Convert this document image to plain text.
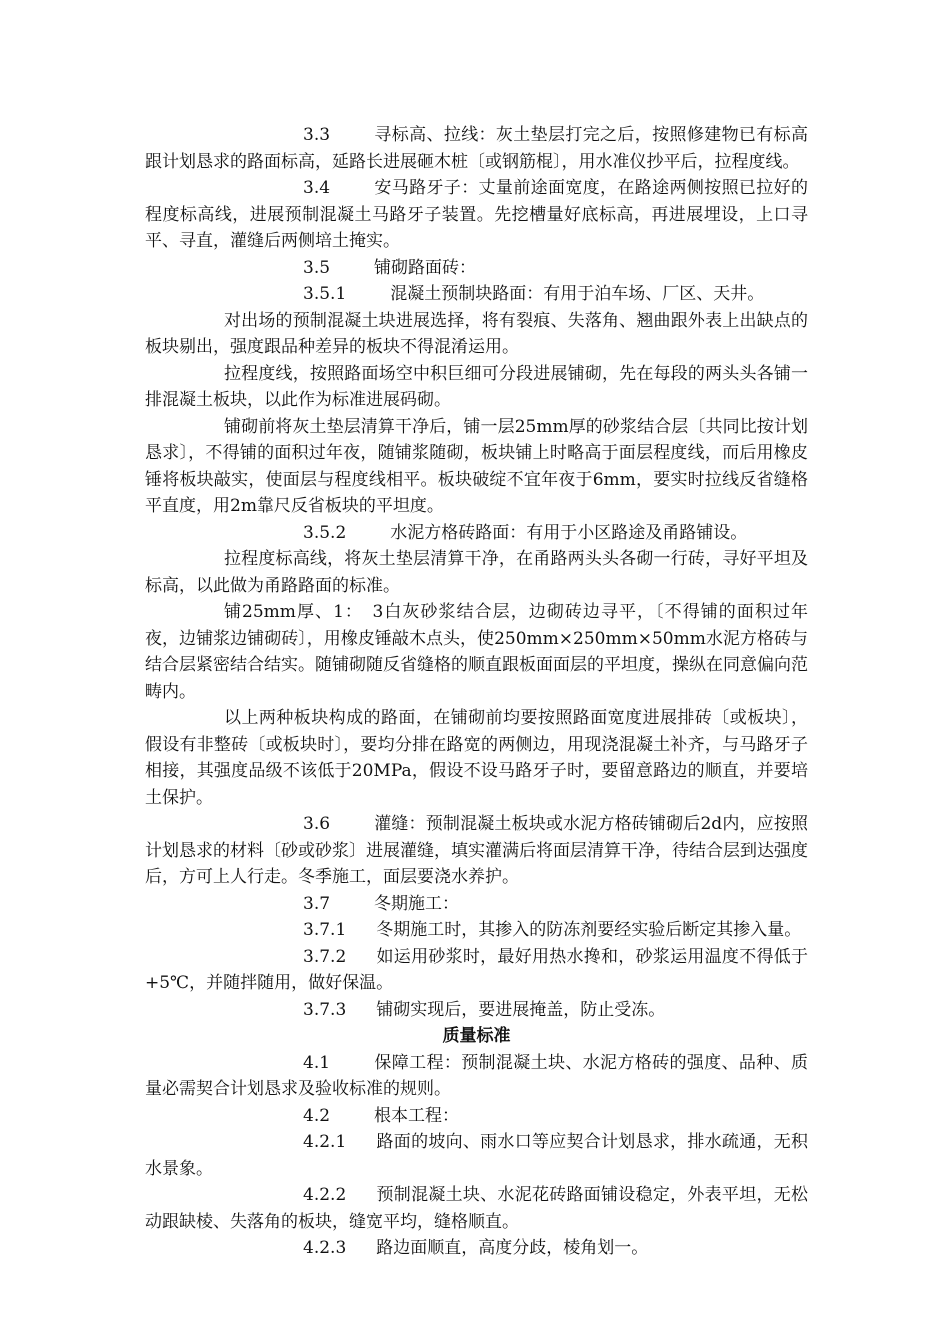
3.3	寻标高、拉线：灰土垫层打完之后，按照修建物已有标高跟计划恳求的路面标高，延路长进展砸木桩〔或钢筋棍〕，用水准仪抄平后，拉程度线。

3.4	安马路牙子：丈量前途面宽度，在路途两侧按照已拉好的程度标高线，进展预制混凝土马路牙子装置。先挖槽量好底标高，再进展埋设，上口寻平、寻直，灌缝后两侧培土掩实。

3.5	铺砌路面砖：

3.5.1	混凝土预制块路面：有用于泊车场、厂区、天井。

对出场的预制混凝土块进展选择，将有裂痕、失落角、翘曲跟外表上出缺点的板块剔出，强度跟品种差异的板块不得混淆运用。

拉程度线，按照路面场空中积巨细可分段进展铺砌，先在每段的两头头各铺一排混凝土板块，以此作为标准进展码砌。

铺砌前将灰土垫层清算干净后，铺一层25mm厚的砂浆结合层〔共同比按计划恳求〕，不得铺的面积过年夜，随铺浆随砌，板块铺上时略高于面层程度线，而后用橡皮锤将板块敲实，使面层与程度线相平。板块破绽不宜年夜于6mm，要实时拉线反省缝格平直度，用2m靠尺反省板块的平坦度。

3.5.2	水泥方格砖路面：有用于小区路途及甬路铺设。

拉程度标高线，将灰土垫层清算干净，在甬路两头头各砌一行砖，寻好平坦及标高，以此做为甬路路面的标准。

铺25mm厚、1：　3白灰砂浆结合层，边砌砖边寻平，〔不得铺的面积过年夜，边铺浆边铺砌砖〕，用橡皮锤敲木点头，使250mm×250mm×50mm水泥方格砖与结合层紧密结合结实。随铺砌随反省缝格的顺直跟板面面层的平坦度，操纵在同意偏向范畴内。

以上两种板块构成的路面，在铺砌前均要按照路面宽度进展排砖〔或板块〕，假设有非整砖〔或板块时〕，要均分排在路宽的两侧边，用现浇混凝土补齐，与马路牙子相接，其强度品级不该低于20MPa，假设不设马路牙子时，要留意路边的顺直，并要培土保护。

3.6	灌缝：预制混凝土板块或水泥方格砖铺砌后2d内，应按照计划恳求的材料〔砂或砂浆〕进展灌缝，填实灌满后将面层清算干净，待结合层到达强度后，方可上人行走。冬季施工，面层要浇水养护。

3.7	冬期施工：

3.7.1 冬期施工时，其掺入的防冻剂要经实验后断定其掺入量。

3.7.2 如运用砂浆时，最好用热水搀和，砂浆运用温度不得低于+5℃，并随拌随用，做好保温。

3.7.3 铺砌实现后，要进展掩盖，防止受冻。

质量标准

4.1	保障工程：预制混凝土块、水泥方格砖的强度、品种、质量必需契合计划恳求及验收标准的规则。

4.2	根本工程：

4.2.1 路面的坡向、雨水口等应契合计划恳求，排水疏通，无积水景象。

4.2.2 预制混凝土块、水泥花砖路面铺设稳定，外表平坦，无松动跟缺棱、失落角的板块，缝宽平均，缝格顺直。

4.2.3 路边面顺直，高度分歧，棱角划一。
